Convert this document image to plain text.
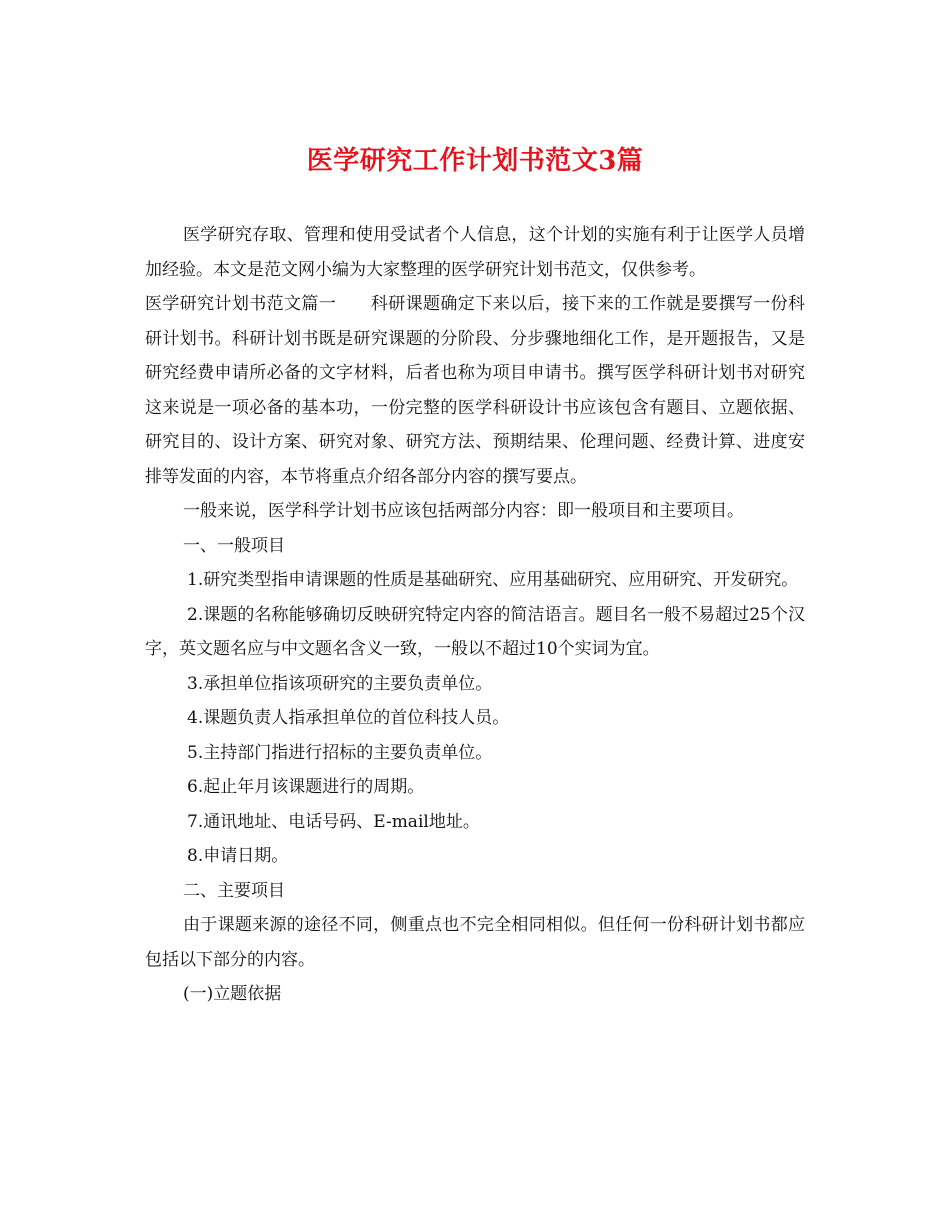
医学研究工作计划书范文3篇

医学研究存取、管理和使用受试者个人信息，这个计划的实施有利于让医学人员增加经验。本文是范文网小编为大家整理的医学研究计划书范文，仅供参考。

医学研究计划书范文篇一　　科研课题确定下来以后，接下来的工作就是要撰写一份科研计划书。科研计划书既是研究课题的分阶段、分步骤地细化工作，是开题报告，又是研究经费申请所必备的文字材料，后者也称为项目申请书。撰写医学科研计划书对研究这来说是一项必备的基本功，一份完整的医学科研设计书应该包含有题目、立题依据、研究目的、设计方案、研究对象、研究方法、预期结果、伦理问题、经费计算、进度安排等发面的内容，本节将重点介绍各部分内容的撰写要点。

一般来说，医学科学计划书应该包括两部分内容：即一般项目和主要项目。

一、一般项目

1.研究类型指申请课题的性质是基础研究、应用基础研究、应用研究、开发研究。

2.课题的名称能够确切反映研究特定内容的简洁语言。题目名一般不易超过25个汉字，英文题名应与中文题名含义一致，一般以不超过10个实词为宜。

3.承担单位指该项研究的主要负责单位。

4.课题负责人指承担单位的首位科技人员。

5.主持部门指进行招标的主要负责单位。

6.起止年月该课题进行的周期。

7.通讯地址、电话号码、E-mail地址。

8.申请日期。

二、主要项目

由于课题来源的途径不同，侧重点也不完全相同相似。但任何一份科研计划书都应包括以下部分的内容。

(一)立题依据
